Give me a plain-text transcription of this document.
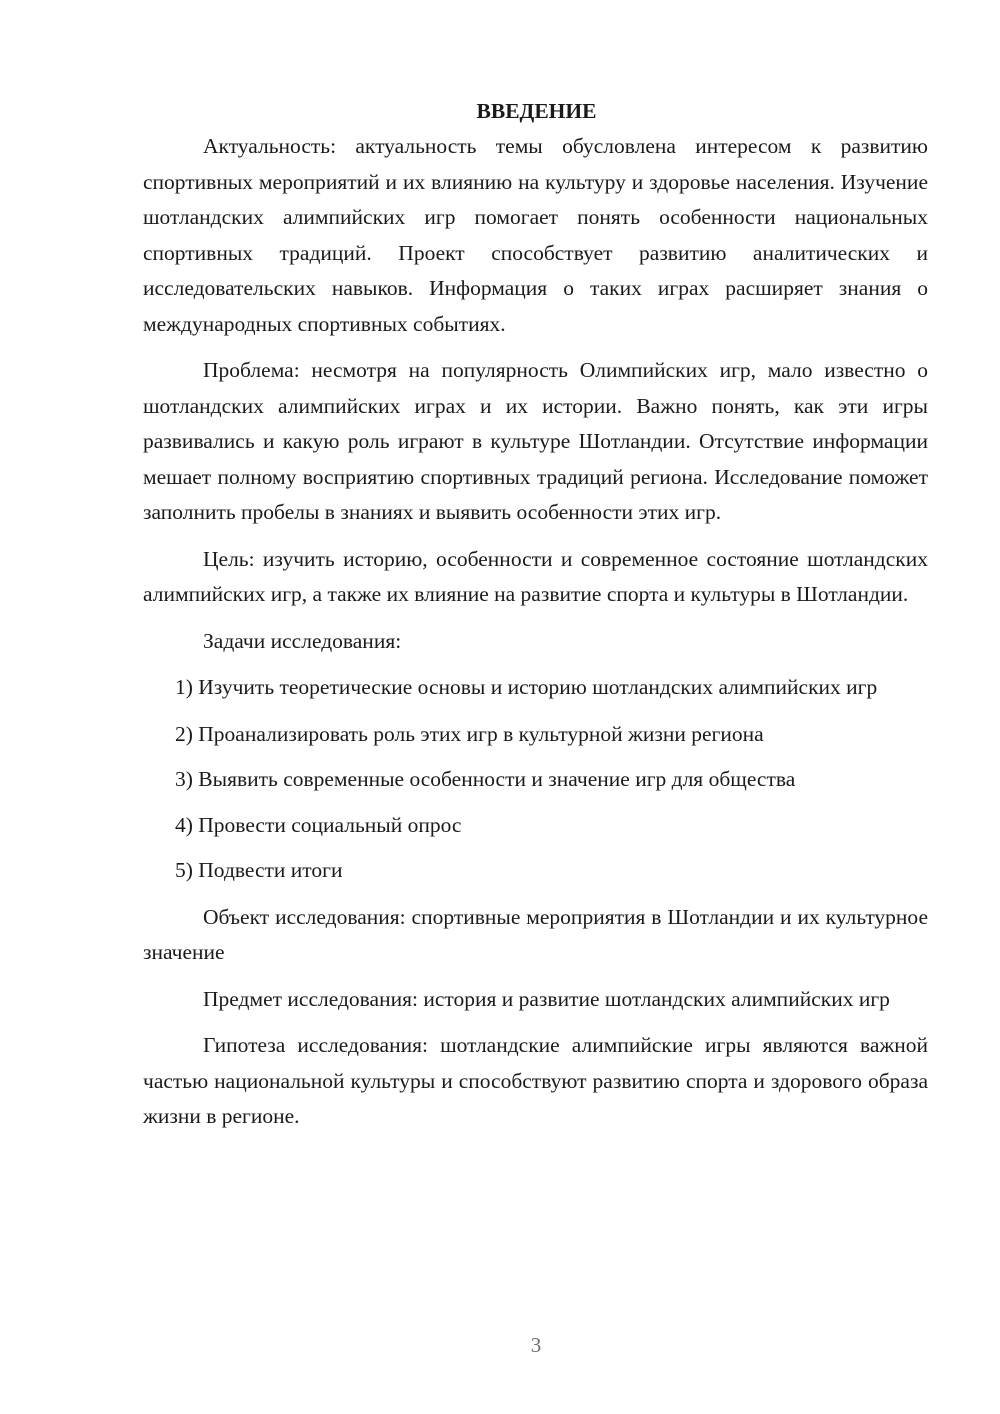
ВВЕДЕНИЕ

Актуальность: актуальность темы обусловлена интересом к развитию спортивных мероприятий и их влиянию на культуру и здоровье населения. Изучение шотландских алимпийских игр помогает понять особенности национальных спортивных традиций. Проект способствует развитию аналитических и исследовательских навыков. Информация о таких играх расширяет знания о международных спортивных событиях.

Проблема: несмотря на популярность Олимпийских игр, мало известно о шотландских алимпийских играх и их истории. Важно понять, как эти игры развивались и какую роль играют в культуре Шотландии. Отсутствие информации мешает полному восприятию спортивных традиций региона. Исследование поможет заполнить пробелы в знаниях и выявить особенности этих игр.

Цель: изучить историю, особенности и современное состояние шотландских алимпийских игр, а также их влияние на развитие спорта и культуры в Шотландии.

Задачи исследования:

1) Изучить теоретические основы и историю шотландских алимпийских игр

2) Проанализировать роль этих игр в культурной жизни региона

3) Выявить современные особенности и значение игр для общества

4) Провести социальный опрос

5) Подвести итоги

Объект исследования: спортивные мероприятия в Шотландии и их культурное значение

Предмет исследования: история и развитие шотландских алимпийских игр

Гипотеза исследования: шотландские алимпийские игры являются важной частью национальной культуры и способствуют развитию спорта и здорового образа жизни в регионе.

3
